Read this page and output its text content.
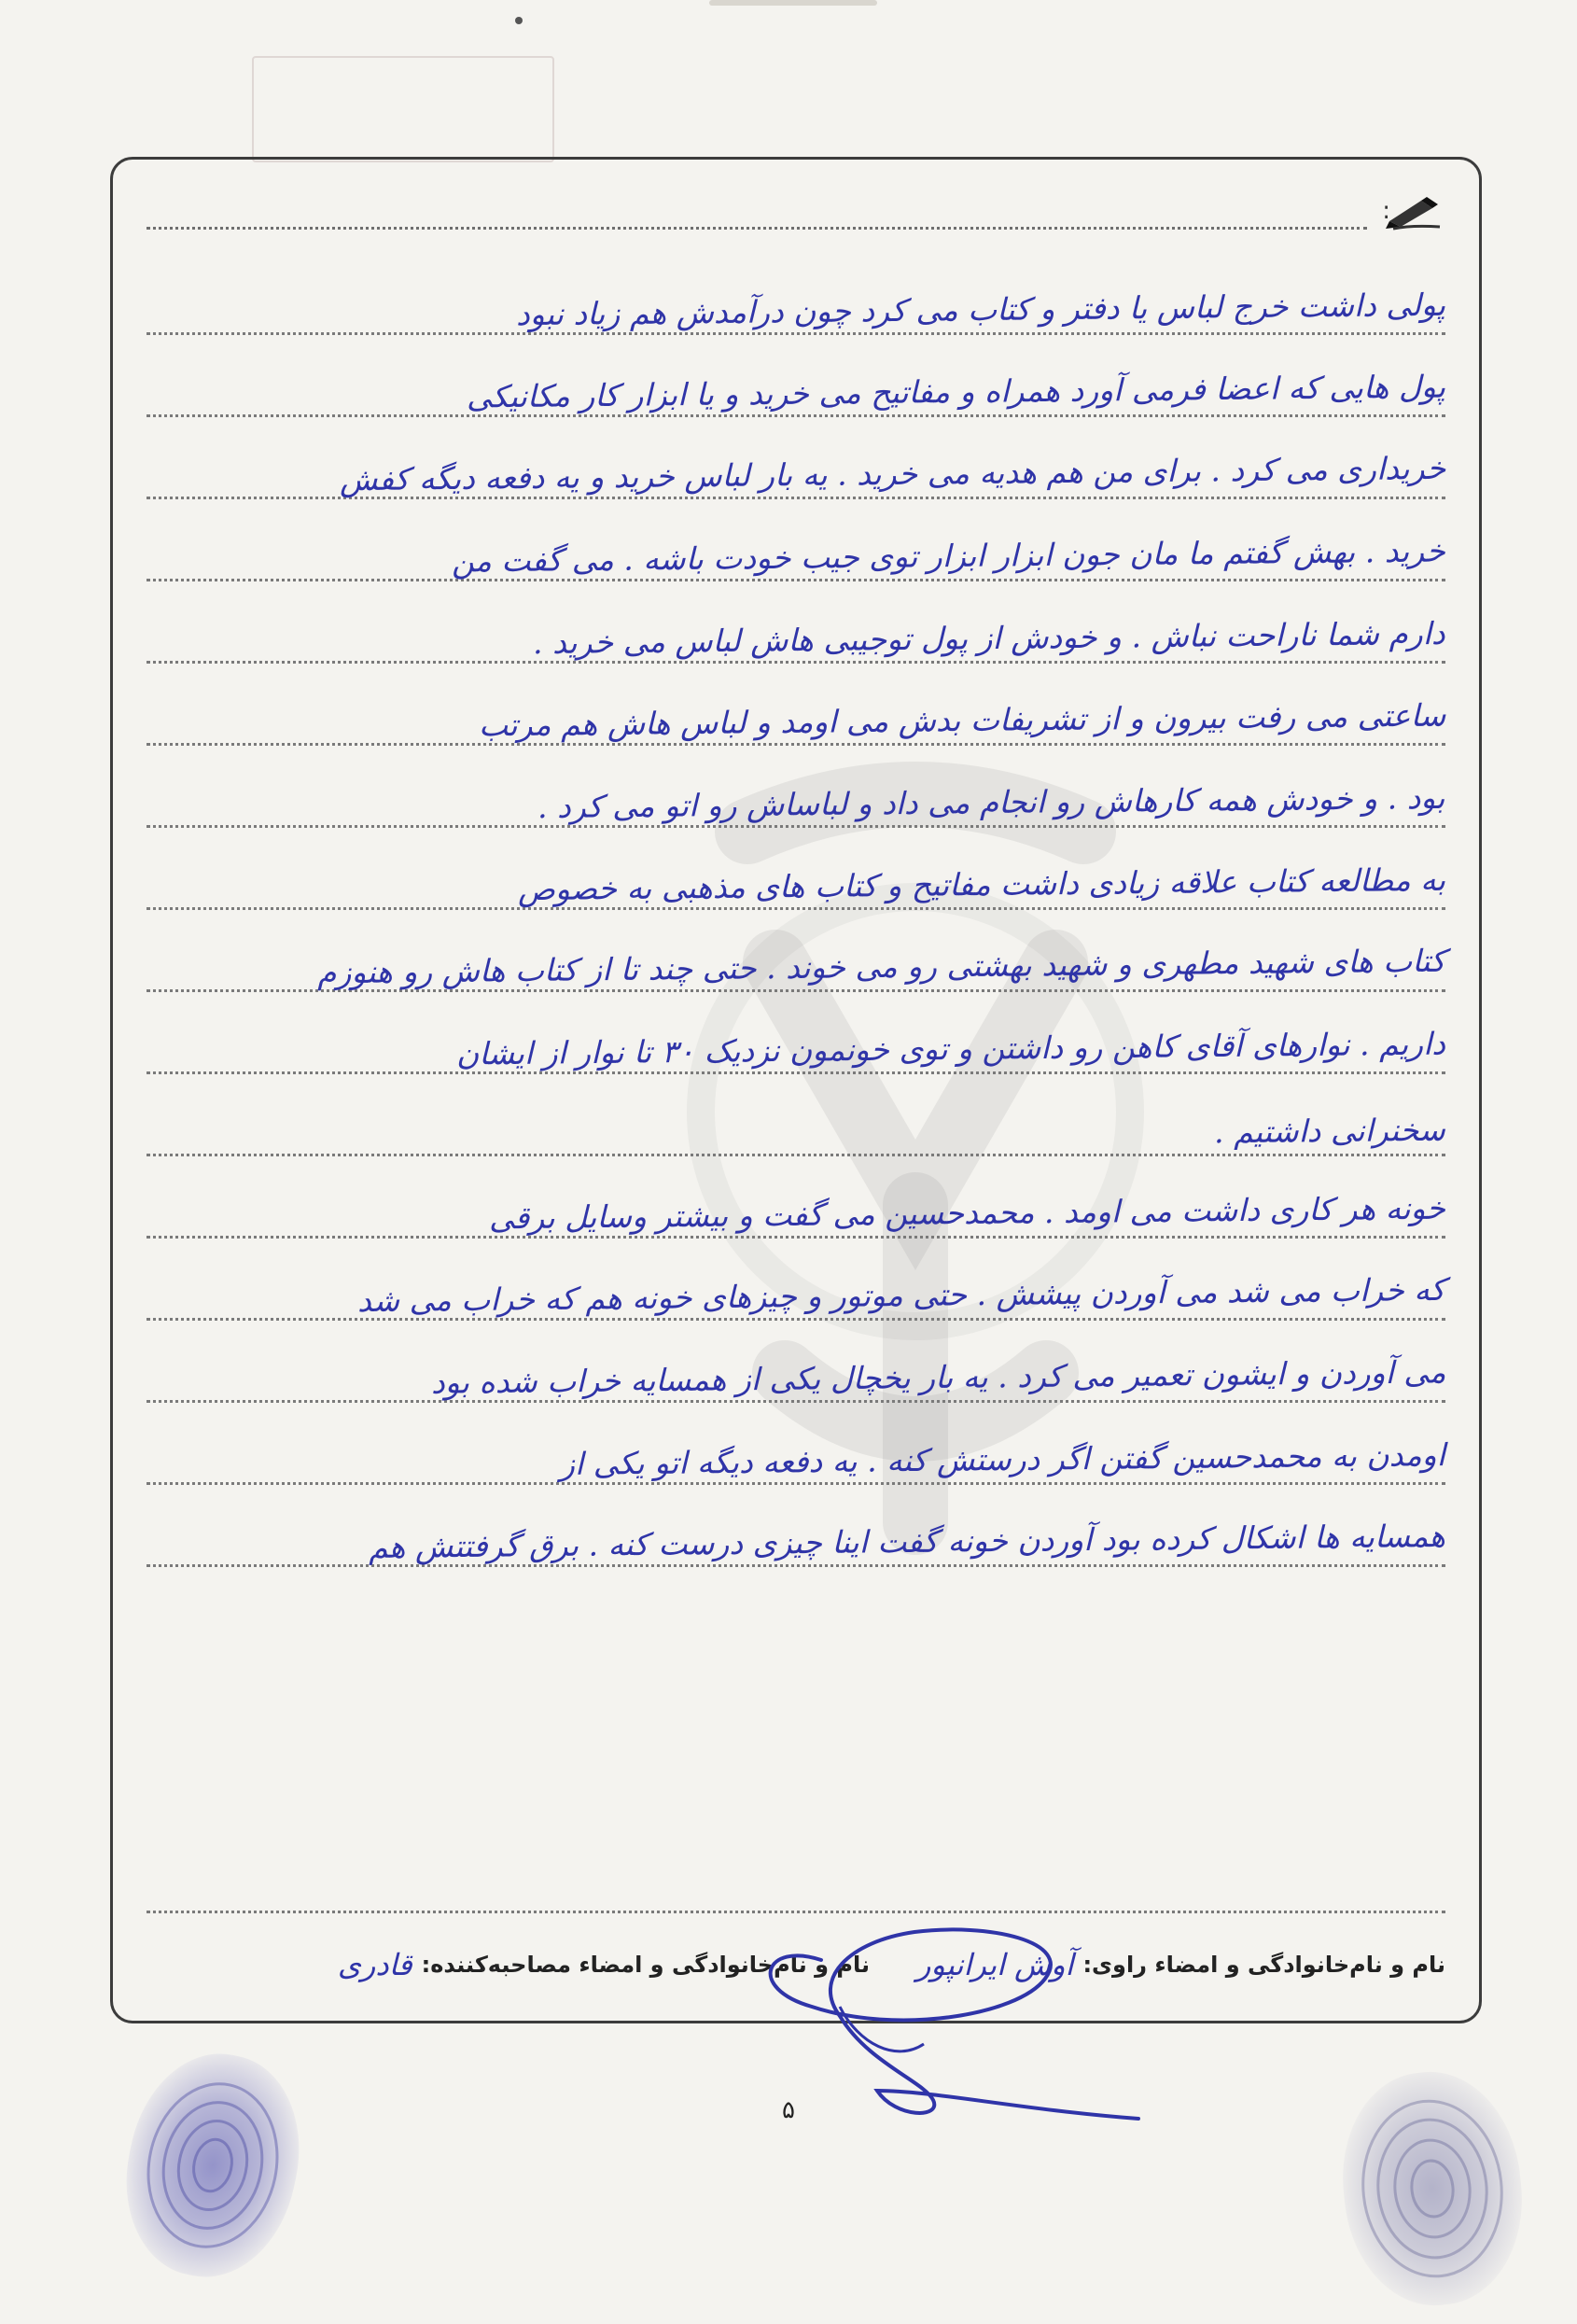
:
پولی داشت خرج لباس یا دفتر و کتاب می کرد چون درآمدش هم زیاد نبود
پول هایی که اعضا فرمی آورد همراه و مفاتیح می خرید و یا ابزار کار مکانیکی
خریداری می کرد . برای من هم هدیه می خرید . یه بار لباس خرید و یه دفعه دیگه کفش
خرید . بهش گفتم ما مان جون ابزار ابزار توی جیب خودت باشه . می گفت من
دارم شما ناراحت نباش . و خودش از پول توجیبی هاش لباس می خرید .
ساعتی می رفت بیرون و از تشریفات بدش می اومد و لباس هاش هم مرتب
بود . و خودش همه کارهاش رو انجام می داد و لباساش رو اتو می کرد .
به مطالعه کتاب علاقه زیادی داشت مفاتیح و کتاب های مذهبی به خصوص
کتاب های شهید مطهری و شهید بهشتی رو می خوند . حتی چند تا از کتاب هاش رو هنوزم
داریم . نوارهای آقای کاهن رو داشتن و توی خونمون نزدیک ۳۰ تا نوار از ایشان
سخنرانی داشتیم .
خونه هر کاری داشت می اومد . محمدحسین می گفت و بیشتر وسایل برقی
که خراب می شد می آوردن پیشش . حتی موتور و چیزهای خونه هم که خراب می شد
می آوردن و ایشون تعمیر می کرد . یه بار یخچال یکی از همسایه خراب شده بود
اومدن به محمدحسین گفتن اگر درستش کنه . یه دفعه دیگه اتو یکی از
همسایه ها اشکال کرده بود آوردن خونه گفت اینا چیزی درست کنه . برق گرفتتش هم
نام و نام‌خانوادگی و امضاء راوی:
آوش ایرانپور
نام و نام‌خانوادگی و امضاء مصاحبه‌کننده:
قادری
۵
